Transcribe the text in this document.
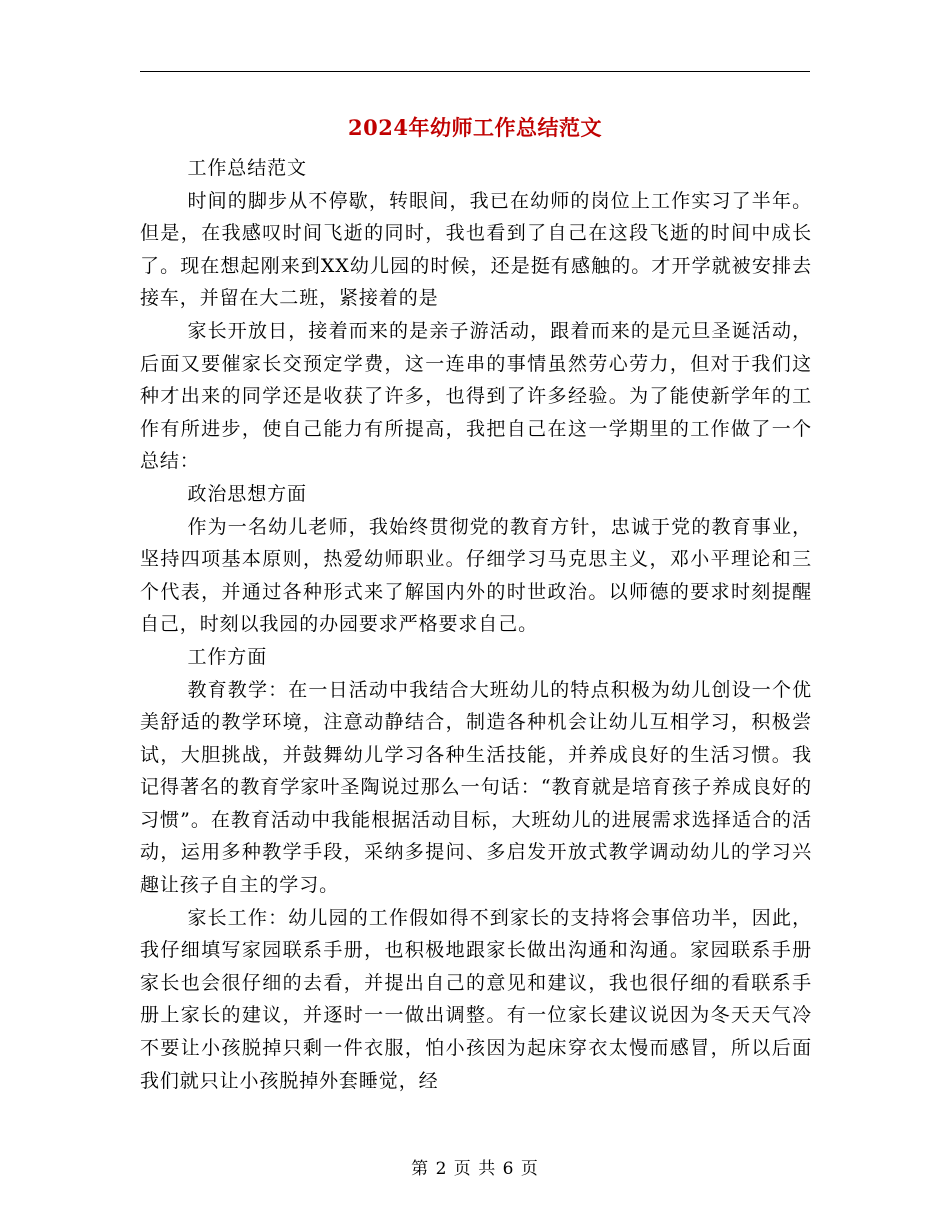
2024年幼师工作总结范文

工作总结范文

时间的脚步从不停歇，转眼间，我已在幼师的岗位上工作实习了半年。但是，在我感叹时间飞逝的同时，我也看到了自己在这段飞逝的时间中成长了。现在想起刚来到XX幼儿园的时候，还是挺有感触的。才开学就被安排去接车，并留在大二班，紧接着的是

家长开放日，接着而来的是亲子游活动，跟着而来的是元旦圣诞活动，后面又要催家长交预定学费，这一连串的事情虽然劳心劳力，但对于我们这种才出来的同学还是收获了许多，也得到了许多经验。为了能使新学年的工作有所进步，使自己能力有所提高，我把自己在这一学期里的工作做了一个总结：

政治思想方面

作为一名幼儿老师，我始终贯彻党的教育方针，忠诚于党的教育事业，坚持四项基本原则，热爱幼师职业。仔细学习马克思主义，邓小平理论和三个代表，并通过各种形式来了解国内外的时世政治。以师德的要求时刻提醒自己，时刻以我园的办园要求严格要求自己。

工作方面

教育教学：在一日活动中我结合大班幼儿的特点积极为幼儿创设一个优美舒适的教学环境，注意动静结合，制造各种机会让幼儿互相学习，积极尝试，大胆挑战，并鼓舞幼儿学习各种生活技能，并养成良好的生活习惯。我记得著名的教育学家叶圣陶说过那么一句话：“教育就是培育孩子养成良好的习惯”。在教育活动中我能根据活动目标，大班幼儿的进展需求选择适合的活动，运用多种教学手段，采纳多提问、多启发开放式教学调动幼儿的学习兴趣让孩子自主的学习。

家长工作：幼儿园的工作假如得不到家长的支持将会事倍功半，因此，我仔细填写家园联系手册，也积极地跟家长做出沟通和沟通。家园联系手册家长也会很仔细的去看，并提出自己的意见和建议，我也很仔细的看联系手册上家长的建议，并逐时一一做出调整。有一位家长建议说因为冬天天气冷不要让小孩脱掉只剩一件衣服，怕小孩因为起床穿衣太慢而感冒，所以后面我们就只让小孩脱掉外套睡觉，经

第 2 页 共 6 页
